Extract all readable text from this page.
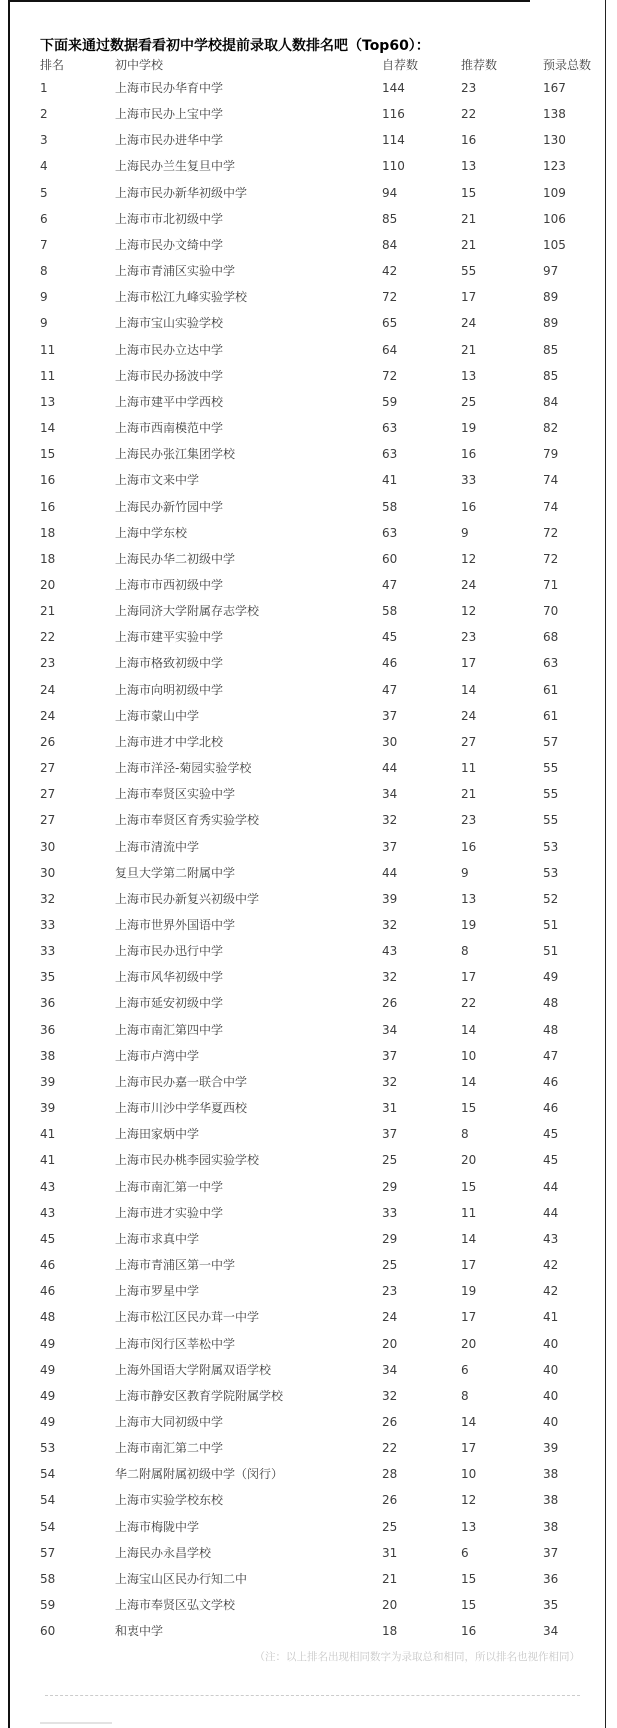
下面来通过数据看看初中学校提前录取人数排名吧（Top60）：
排名	初中学校	自荐数	推荐数	预录总数
1	上海市民办华育中学	144	23	167
2	上海市民办上宝中学	116	22	138
3	上海市民办进华中学	114	16	130
4	上海民办兰生复旦中学	110	13	123
5	上海市民办新华初级中学	94	15	109
6	上海市市北初级中学	85	21	106
7	上海市民办文绮中学	84	21	105
8	上海市青浦区实验中学	42	55	97
9	上海市松江九峰实验学校	72	17	89
9	上海市宝山实验学校	65	24	89
11	上海市民办立达中学	64	21	85
11	上海市民办扬波中学	72	13	85
13	上海市建平中学西校	59	25	84
14	上海市西南模范中学	63	19	82
15	上海民办张江集团学校	63	16	79
16	上海市文来中学	41	33	74
16	上海民办新竹园中学	58	16	74
18	上海中学东校	63	9	72
18	上海民办华二初级中学	60	12	72
20	上海市市西初级中学	47	24	71
21	上海同济大学附属存志学校	58	12	70
22	上海市建平实验中学	45	23	68
23	上海市格致初级中学	46	17	63
24	上海市向明初级中学	47	14	61
24	上海市蒙山中学	37	24	61
26	上海市进才中学北校	30	27	57
27	上海市洋泾-菊园实验学校	44	11	55
27	上海市奉贤区实验中学	34	21	55
27	上海市奉贤区育秀实验学校	32	23	55
30	上海市清流中学	37	16	53
30	复旦大学第二附属中学	44	9	53
32	上海市民办新复兴初级中学	39	13	52
33	上海市世界外国语中学	32	19	51
33	上海市民办迅行中学	43	8	51
35	上海市风华初级中学	32	17	49
36	上海市延安初级中学	26	22	48
36	上海市南汇第四中学	34	14	48
38	上海市卢湾中学	37	10	47
39	上海市民办嘉一联合中学	32	14	46
39	上海市川沙中学华夏西校	31	15	46
41	上海田家炳中学	37	8	45
41	上海市民办桃李园实验学校	25	20	45
43	上海市南汇第一中学	29	15	44
43	上海市进才实验中学	33	11	44
45	上海市求真中学	29	14	43
46	上海市青浦区第一中学	25	17	42
46	上海市罗星中学	23	19	42
48	上海市松江区民办茸一中学	24	17	41
49	上海市闵行区莘松中学	20	20	40
49	上海外国语大学附属双语学校	34	6	40
49	上海市静安区教育学院附属学校	32	8	40
49	上海市大同初级中学	26	14	40
53	上海市南汇第二中学	22	17	39
54	华二附属附属初级中学（闵行）	28	10	38
54	上海市实验学校东校	26	12	38
54	上海市梅陇中学	25	13	38
57	上海民办永昌学校	31	6	37
58	上海宝山区民办行知二中	21	15	36
59	上海市奉贤区弘文学校	20	15	35
60	和衷中学	18	16	34
（注：以上排名出现相同数字为录取总和相同，所以排名也视作相同）
